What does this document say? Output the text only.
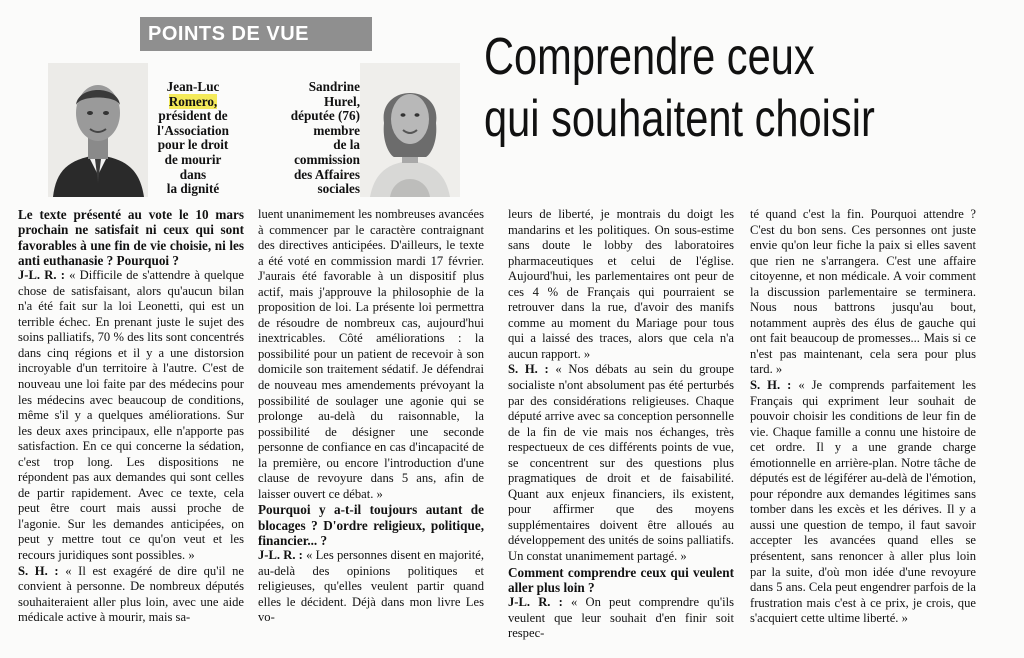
POINTS DE VUE	Comprendre ceux
qui souhaitent choisir
Jean-Luc
Romero,
président de
l'Association
pour le droit
de mourir
dans
la dignité
Sandrine
Hurel,
députée (76)
membre
de la
commission
des Affaires
sociales

Le texte présenté au vote le 10 mars prochain ne satisfait ni ceux qui sont favorables à une fin de vie choisie, ni les anti euthanasie ? Pourquoi ?

J-L. R. : « Difficile de s'attendre à quelque chose de satisfaisant, alors qu'aucun bilan n'a été fait sur la loi Leonetti, qui est un terrible échec. En prenant juste le sujet des soins palliatifs, 70 % des lits sont concentrés dans cinq régions et il y a une distorsion incroyable d'un territoire à l'autre. C'est de nouveau une loi faite par des médecins pour les médecins avec beaucoup de conditions, même s'il y a quelques améliorations. Sur les deux axes principaux, elle n'apporte pas satisfaction. En ce qui concerne la sédation, c'est trop long. Les dispositions ne répondent pas aux demandes qui sont celles de partir rapidement. Avec ce texte, cela peut être court mais aussi proche de l'agonie. Sur les demandes anticipées, on peut y mettre tout ce qu'on veut et les recours juridiques sont possibles. »

S. H. : « Il est exagéré de dire qu'il ne convient à personne. De nombreux députés souhaiteraient aller plus loin, avec une aide médicale active à mourir, mais sa-

luent unanimement les nombreuses avancées à commencer par le caractère contraignant des directives anticipées. D'ailleurs, le texte a été voté en commission mardi 17 février. J'aurais été favorable à un dispositif plus actif, mais j'approuve la philosophie de la proposition de loi. La présente loi permettra de résoudre de nombreux cas, aujourd'hui inextricables. Côté améliorations : la possibilité pour un patient de recevoir à son domicile son traitement sédatif. Je défendrai de nouveau mes amendements prévoyant la possibilité de soulager une agonie qui se prolonge au-delà du raisonnable, la possibilité de désigner une seconde personne de confiance en cas d'incapacité de la première, ou encore l'introduction d'une clause de revoyure dans 5 ans, afin de laisser ouvert ce débat. »

Pourquoi y a-t-il toujours autant de blocages ? D'ordre religieux, politique, financier... ?

J-L. R. : « Les personnes disent en majorité, au-delà des opinions politiques et religieuses, qu'elles veulent partir quand elles le décident. Déjà dans mon livre Les vo-

leurs de liberté, je montrais du doigt les mandarins et les politiques. On sous-estime sans doute le lobby des laboratoires pharmaceutiques et celui de l'église. Aujourd'hui, les parlementaires ont peur de ces 4 % de Français qui pourraient se retrouver dans la rue, d'avoir des manifs comme au moment du Mariage pour tous qui a laissé des traces, alors que cela n'a aucun rapport. »

S. H. : « Nos débats au sein du groupe socialiste n'ont absolument pas été perturbés par des considérations religieuses. Chaque député arrive avec sa conception personnelle de la fin de vie mais nos échanges, très respectueux de ces différents points de vue, se concentrent sur des questions plus pragmatiques de droit et de faisabilité. Quant aux enjeux financiers, ils existent, pour affirmer que des moyens supplémentaires doivent être alloués au développement des unités de soins palliatifs. Un constat unanimement partagé. »

Comment comprendre ceux qui veulent aller plus loin ?

J-L. R. : « On peut comprendre qu'ils veulent que leur souhait d'en finir soit respec-

té quand c'est la fin. Pourquoi attendre ? C'est du bon sens. Ces personnes ont juste envie qu'on leur fiche la paix si elles savent que rien ne s'arrangera. C'est une affaire citoyenne, et non médicale. A voir comment la discussion parlementaire se terminera. Nous nous battrons jusqu'au bout, notamment auprès des élus de gauche qui ont fait beaucoup de promesses... Mais si ce n'est pas maintenant, cela sera pour plus tard. »

S. H. : « Je comprends parfaitement les Français qui expriment leur souhait de pouvoir choisir les conditions de leur fin de vie. Chaque famille a connu une histoire de cet ordre. Il y a une grande charge émotionnelle en arrière-plan. Notre tâche de députés est de légiférer au-delà de l'émotion, pour répondre aux demandes légitimes sans tomber dans les excès et les dérives. Il y a aussi une question de tempo, il faut savoir accepter les avancées quand elles se présentent, sans renoncer à aller plus loin par la suite, d'où mon idée d'une revoyure dans 5 ans. Cela peut engendrer parfois de la frustration mais c'est à ce prix, je crois, que s'acquiert cette ultime liberté. »
